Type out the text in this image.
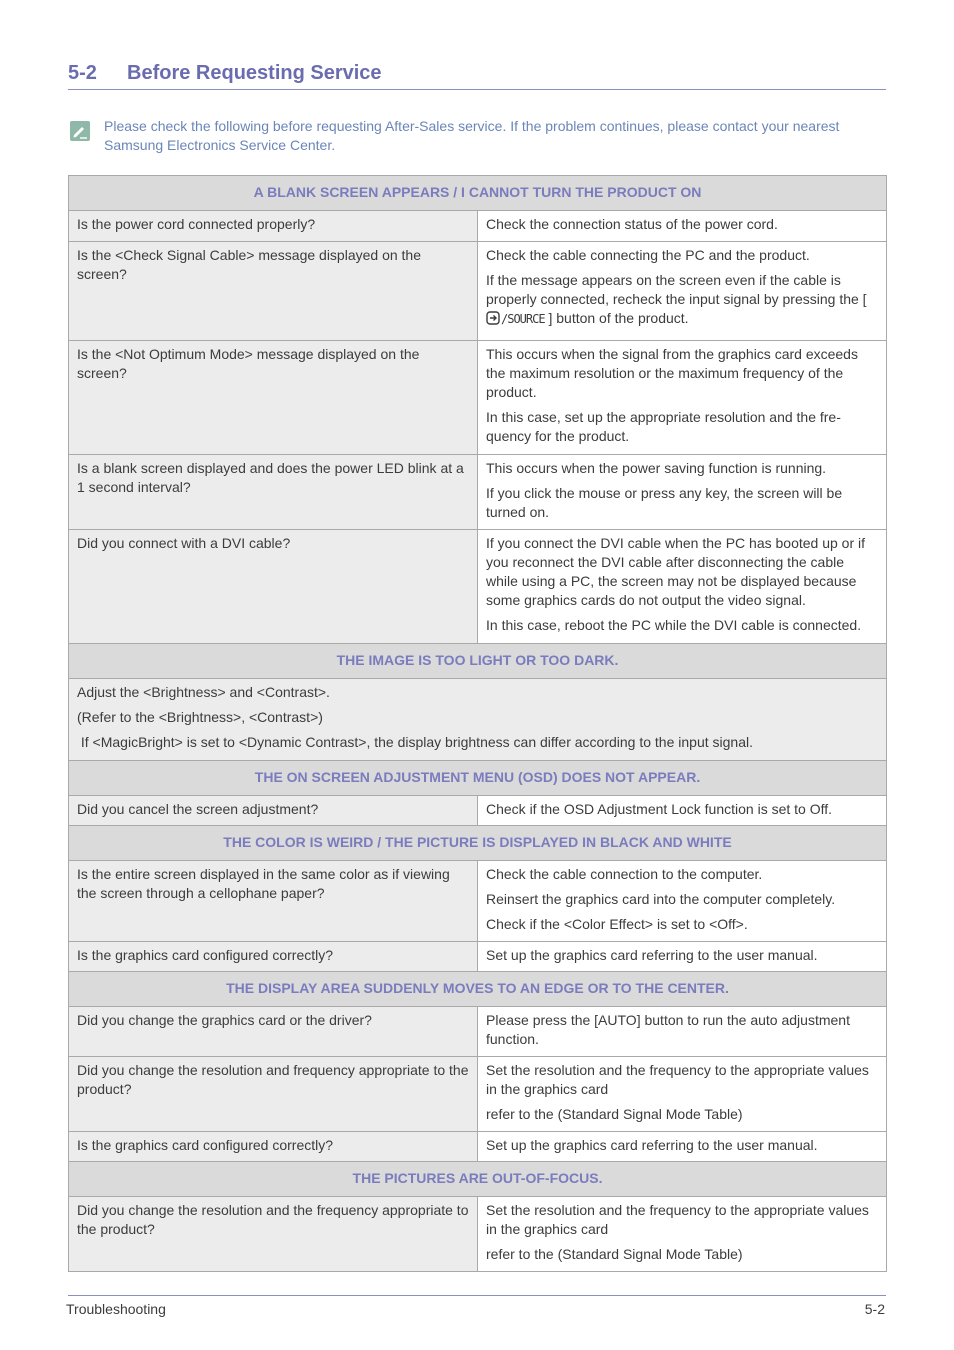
5-2 Before Requesting Service
Please check the following before requesting After-Sales service. If the problem continues, please contact your nearest Samsung Electronics Service Center.
A BLANK SCREEN APPEARS / I CANNOT TURN THE PRODUCT ON	

Is the power cord connected properly?	Check the connection status of the power cord.

Is the <Check Signal Cable> message displayed on the screen?	Check the cable connecting the PC and the product.

If the message appears on the screen even if the cable is properly connected, recheck the input signal by pressing the [
/SOURCE ] button of the product.

Is the <Not Optimum Mode> message displayed on the screen?	This occurs when the signal from the graphics card exceeds the maximum resolution or the maximum frequency of the product.

In this case, set up the appropriate resolution and the fre-quency for the product.

Is a blank screen displayed and does the power LED blink at a 1 second interval?	This occurs when the power saving function is running.

If you click the mouse or press any key, the screen will be turned on.

Did you connect with a DVI cable?	If you connect the DVI cable when the PC has booted up or if you reconnect the DVI cable after disconnecting the cable while using a PC, the screen may not be displayed because some graphics cards do not output the video signal.

In this case, reboot the PC while the DVI cable is connected.

THE IMAGE IS TOO LIGHT OR TOO DARK.	

Adjust the <Brightness> and <Contrast>.

(Refer to the <Brightness>, <Contrast>)

If <MagicBright> is set to <Dynamic Contrast>, the display brightness can differ according to the input signal.	

THE ON SCREEN ADJUSTMENT MENU (OSD) DOES NOT APPEAR.	

Did you cancel the screen adjustment?	Check if the OSD Adjustment Lock function is set to Off.

THE COLOR IS WEIRD / THE PICTURE IS DISPLAYED IN BLACK AND WHITE	

Is the entire screen displayed in the same color as if viewing the screen through a cellophane paper?	Check the cable connection to the computer.

Reinsert the graphics card into the computer completely.

Check if the <Color Effect> is set to <Off>.

Is the graphics card configured correctly?	Set up the graphics card referring to the user manual.

THE DISPLAY AREA SUDDENLY MOVES TO AN EDGE OR TO THE CENTER.	

Did you change the graphics card or the driver?	Please press the [AUTO] button to run the auto adjustment function.

Did you change the resolution and frequency appropriate to the product?	Set the resolution and the frequency to the appropriate values in the graphics card

refer to the (Standard Signal Mode Table)

Is the graphics card configured correctly?	Set up the graphics card referring to the user manual.

THE PICTURES ARE OUT-OF-FOCUS.	

Did you change the resolution and the frequency appropriate to the product?	Set the resolution and the frequency to the appropriate values in the graphics card

refer to the (Standard Signal Mode Table)

Troubleshooting	5-2
